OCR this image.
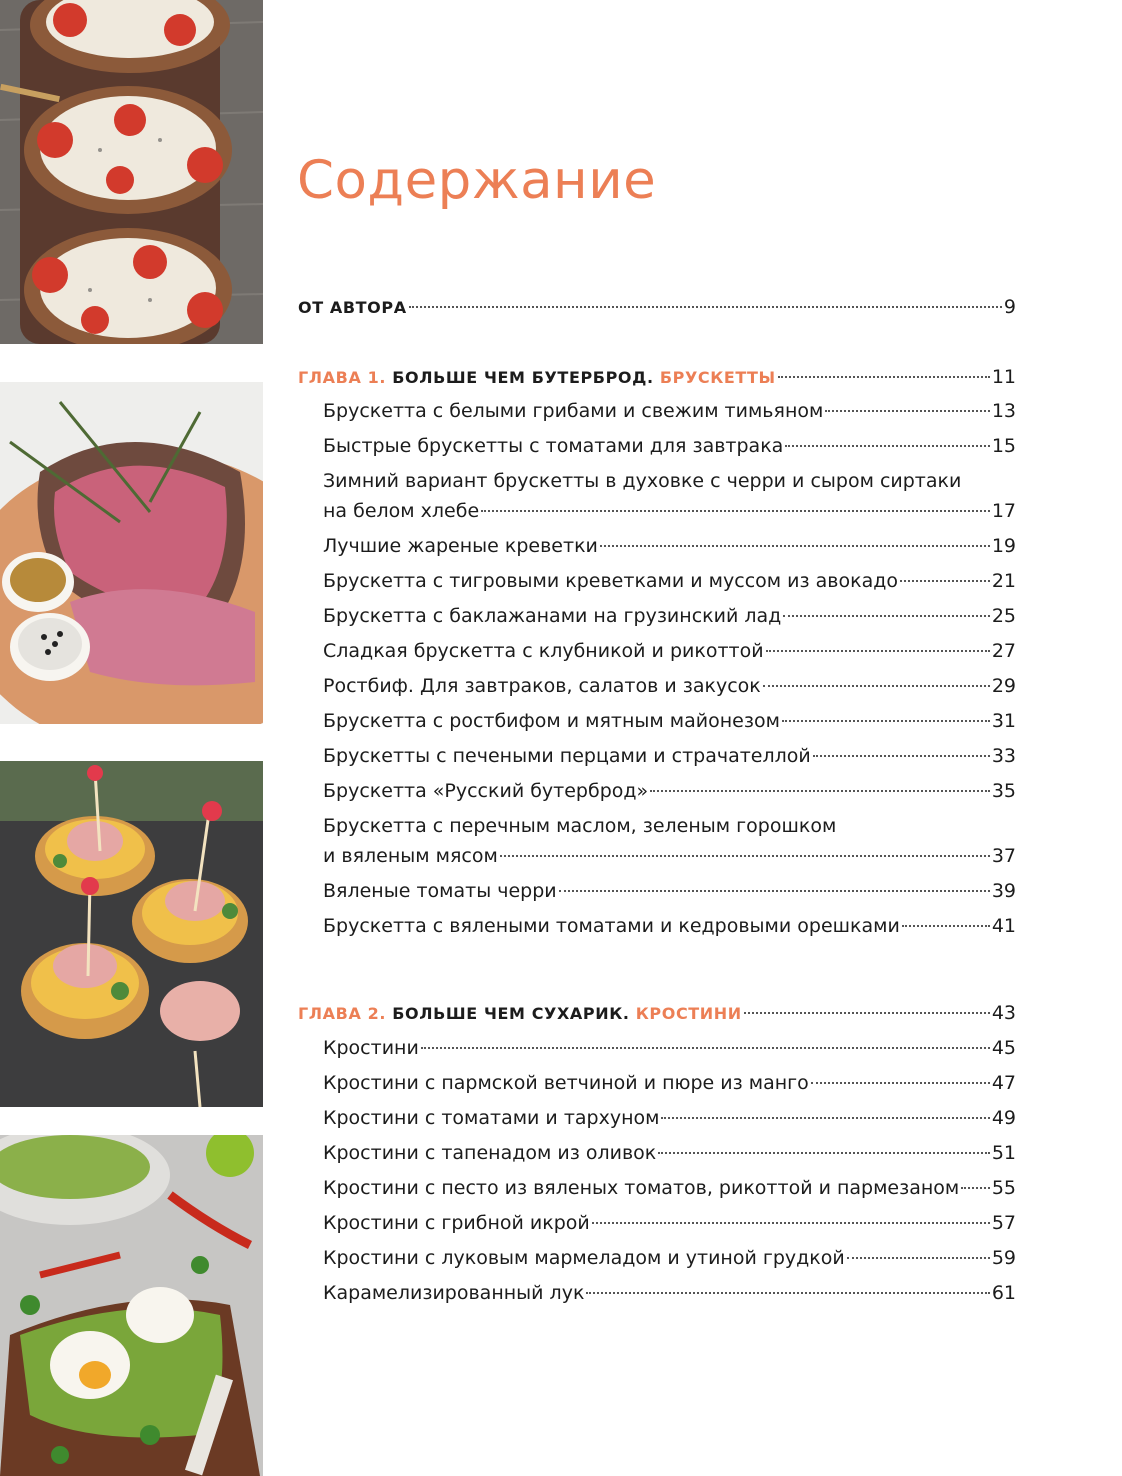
Содержание
ОТ АВТОРА	9
ГЛАВА 1. БОЛЬШЕ ЧЕМ БУТЕРБРОД. БРУСКЕТТЫ	11
Брускетта с белыми грибами и свежим тимьяном	13
Быстрые брускетты с томатами для завтрака	15
Зимний вариант брускетты в духовке с черри и сыром сиртаки
на белом хлебе	17
Лучшие жареные креветки	19
Брускетта с тигровыми креветками и муссом из авокадо	21
Брускетта с баклажанами на грузинский лад	25
Сладкая брускетта с клубникой и рикоттой	27
Ростбиф. Для завтраков, салатов и закусок	29
Брускетта с ростбифом и мятным майонезом	31
Брускетты с печеными перцами и страчателлой	33
Брускетта «Русский бутерброд»	35
Брускетта с перечным маслом, зеленым горошком
и вяленым мясом	37
Вяленые томаты черри	39
Брускетта с вялеными томатами и кедровыми орешками	41
ГЛАВА 2. БОЛЬШЕ ЧЕМ СУХАРИК. КРОСТИНИ	43
Кростини	45
Кростини с пармской ветчиной и пюре из манго	47
Кростини с томатами и тархуном	49
Кростини с тапенадом из оливок	51
Кростини с песто из вяленых томатов, рикоттой и пармезаном 55
Кростини с грибной икрой	57
Кростини с луковым мармеладом и утиной грудкой	59
Карамелизированный лук	61
